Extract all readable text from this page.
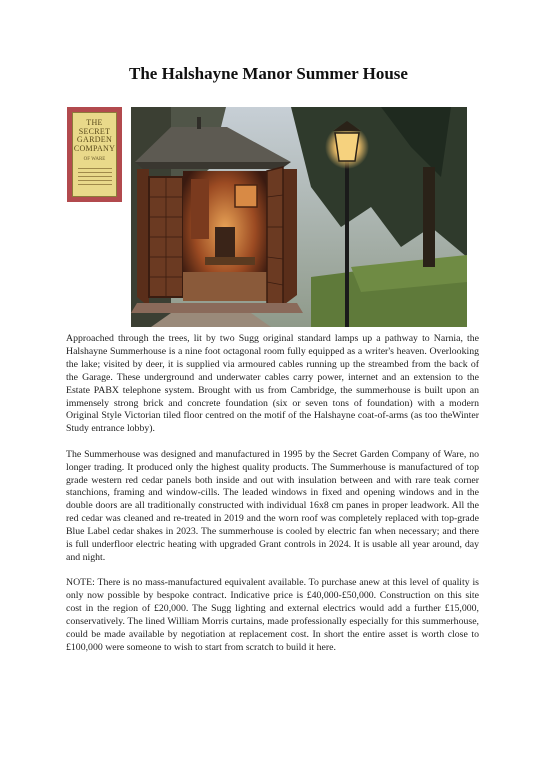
The Halshayne Manor Summer House
THE
SECRET
GARDEN
COMPANY
OF WARE

Approached through the trees, lit by two Sugg original standard lamps up a pathway to Narnia, the Halshayne Summerhouse is a nine foot octagonal room fully equipped as a writer's heaven. Overlooking the lake; visited by deer, it is supplied via armoured cables running up the streambed from the back of the Garage. These underground and underwater cables carry power, internet and an extension to the Estate PABX telephone system. Brought with us from Cambridge, the summerhouse is built upon an immensely strong brick and concrete foundation (six or seven tons of foundation) with a modern Original Style Victorian tiled floor centred on the motif of the Halshayne coat-of-arms (as too theWinter Study entrance lobby).

The Summerhouse was designed and manufactured in 1995 by the Secret Garden Company of Ware, no longer trading. It produced only the highest quality products. The Summerhouse is manufactured of top grade western red cedar panels both inside and out with insulation between and with rare teak corner stanchions, framing and window-cills. The leaded windows in fixed and opening windows and in the double doors are all traditionally constructed with individual 16x8 cm panes in proper leadwork. All the red cedar was cleaned and re-treated in 2019 and the worn roof was completely replaced with top-grade Blue Label cedar shakes in 2023. The summerhouse is cooled by electric fan when necessary; and there is full underfloor electric heating with upgraded Grant controls in 2024. It is usable all year around, day and night.

NOTE: There is no mass-manufactured equivalent available. To purchase anew at this level of quality is only now possible by bespoke contract. Indicative price is £40,000-£50,000. Construction on this site cost in the region of £20,000. The Sugg lighting and external electrics would add a further £15,000, conservatively. The lined William Morris curtains, made professionally especially for this summerhouse, could be made available by negotiation at replacement cost. In short the entire asset is worth close to £100,000 were someone to wish to start from scratch to build it here.
